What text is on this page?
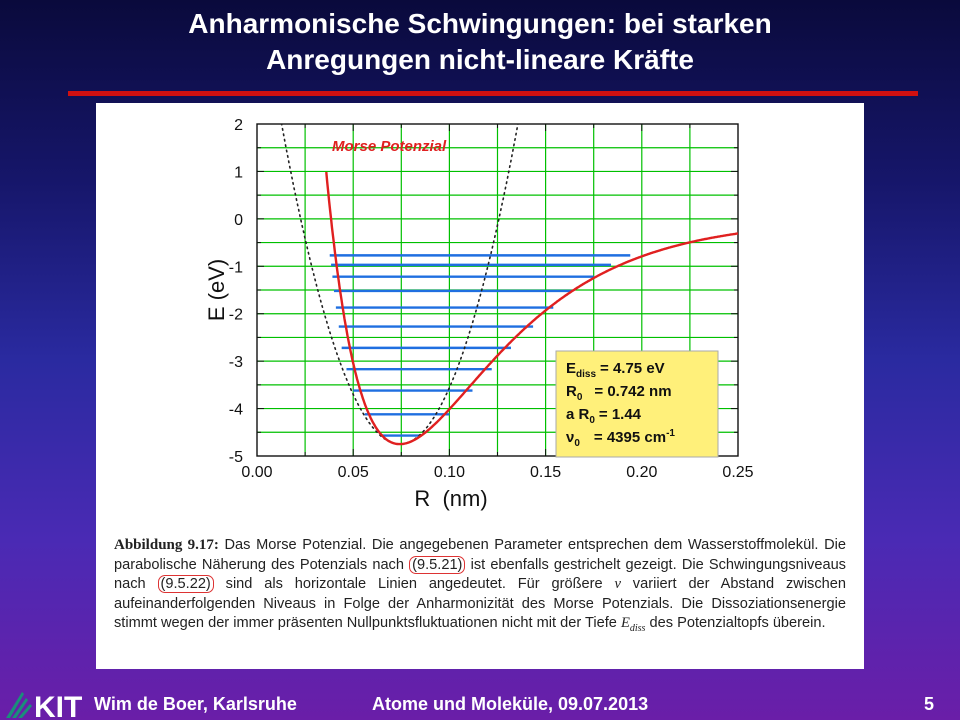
Anharmonische Schwingungen: bei starken
Anregungen nicht-lineare Kräfte
0.00	0.05	0.10	0.15	0.20	0.25
2
1
0
-1
-2
-3
-4
-5
R  (nm)
E (eV)
Morse Potenzial
$E_{diss} = 4.75$ eV
$R_0 = 0.742$ nm
a $R_0 = 1.44$
$\nu_0 = 4395$ $cm^{-1}$
Abbildung 9.17: Das Morse Potenzial. Die angegebenen Parameter entsprechen dem Wasserstoffmolekül. Die parabolische Näherung des Potenzials nach (9.5.21) ist ebenfalls gestrichelt gezeigt. Die Schwingungsniveaus nach (9.5.22) sind als horizontale Linien angedeutet. Für größere ν variiert der Abstand zwischen aufeinanderfolgenden Niveaus in Folge der Anharmonizität des Morse Potenzials. Die Dissoziationsenergie stimmt wegen der immer präsenten Nullpunktsfluktuationen nicht mit der Tiefe $E_{diss}$ des Potenzialtopfs überein.
KIT Wim de Boer, Karlsruhe	Atome und Moleküle, 09.07.2013	5
